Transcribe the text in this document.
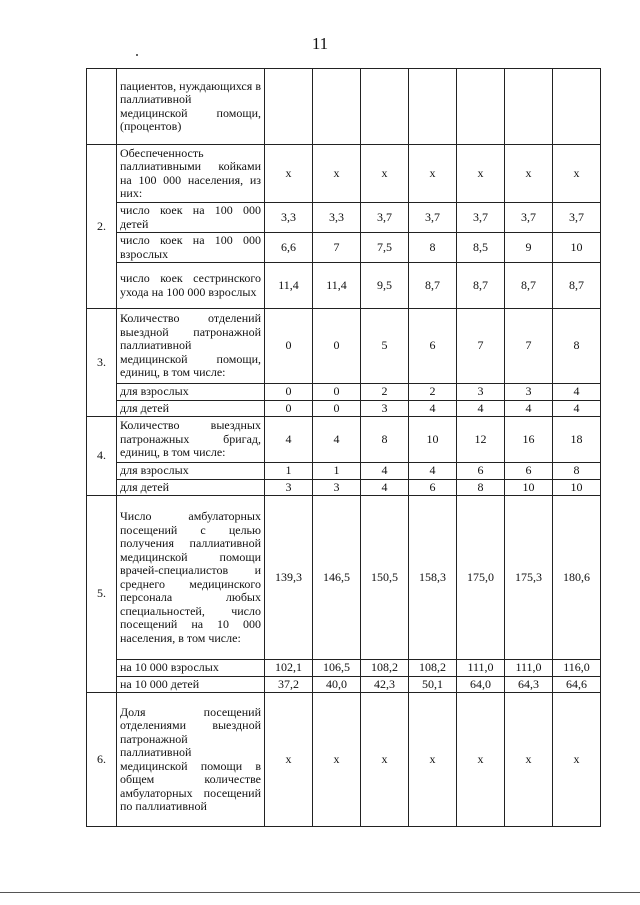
11
	пациентов, нуждающихся в паллиативной медицинской помощи, (процентов)							
2.	Обеспеченность паллиативными койками на 100 000 населения, из них:	х	х	х	х	х	х	х
	число коек на 100 000 детей	3,3	3,3	3,7	3,7	3,7	3,7	3,7
	число коек на 100 000 взрослых	6,6	7	7,5	8	8,5	9	10
	число коек сестринского ухода на 100 000 взрослых	11,4	11,4	9,5	8,7	8,7	8,7	8,7
3.	Количество отделений выездной патронажной паллиативной медицинской помощи, единиц, в том числе:	0	0	5	6	7	7	8
	для взрослых	0	0	2	2	3	3	4
	для детей	0	0	3	4	4	4	4
4.	Количество выездных патронажных бригад, единиц, в том числе:	4	4	8	10	12	16	18
	для взрослых	1	1	4	4	6	6	8
	для детей	3	3	4	6	8	10	10
5.	Число амбулаторных посещений с целью получения паллиативной медицинской помощи врачей-специалистов и среднего медицинского персонала любых специальностей, число посещений на 10 000 населения, в том числе:	139,3	146,5	150,5	158,3	175,0	175,3	180,6
	на 10 000 взрослых	102,1	106,5	108,2	108,2	111,0	111,0	116,0
	на 10 000 детей	37,2	40,0	42,3	50,1	64,0	64,3	64,6
6.	Доля посещений отделениями выездной патронажной паллиативной медицинской помощи в общем количестве амбулаторных посещений по паллиативной	х	х	х	х	х	х	х
